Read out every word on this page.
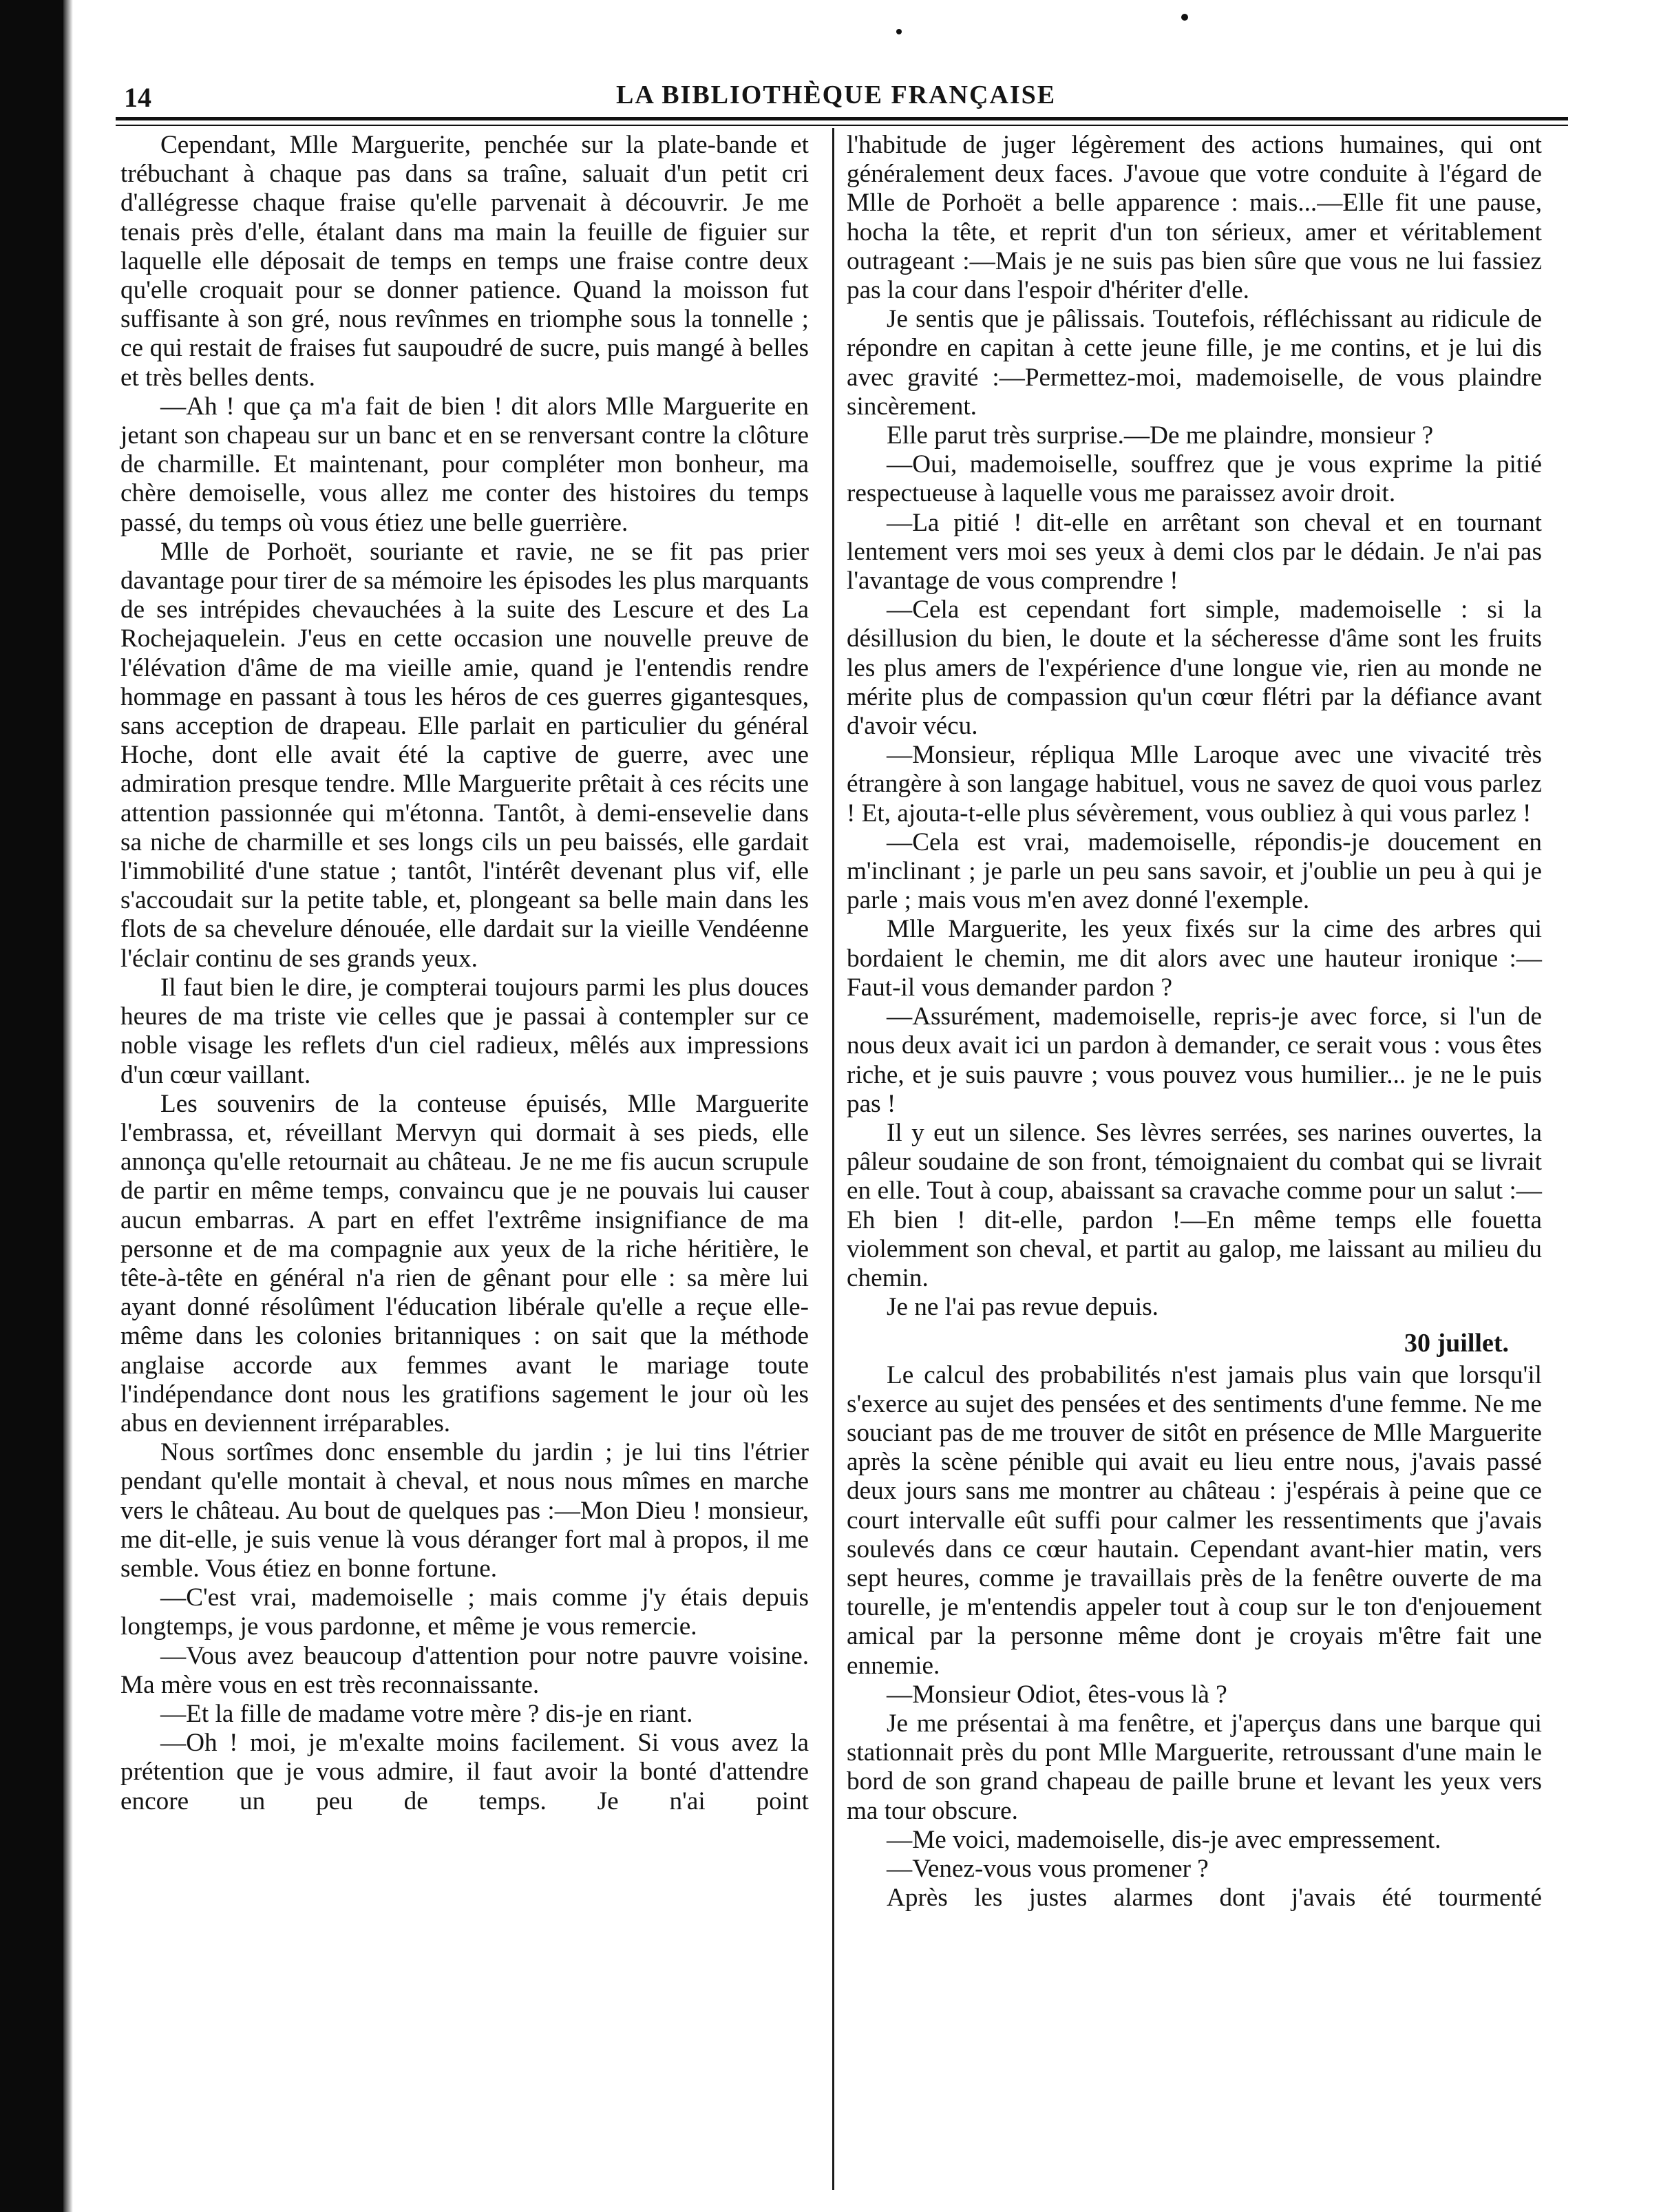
14	LA BIBLIOTHÈQUE FRANÇAISE

Cependant, Mlle Marguerite, penchée sur la plate-bande et trébuchant à chaque pas dans sa traîne, saluait d'un petit cri d'allégresse chaque fraise qu'elle parvenait à découvrir. Je me tenais près d'elle, étalant dans ma main la feuille de figuier sur laquelle elle déposait de temps en temps une fraise contre deux qu'elle croquait pour se donner patience. Quand la moisson fut suffisante à son gré, nous revînmes en triomphe sous la tonnelle ; ce qui restait de fraises fut saupoudré de sucre, puis mangé à belles et très belles dents.

—Ah ! que ça m'a fait de bien ! dit alors Mlle Marguerite en jetant son chapeau sur un banc et en se renversant contre la clôture de charmille. Et maintenant, pour compléter mon bonheur, ma chère demoiselle, vous allez me conter des histoires du temps passé, du temps où vous étiez une belle guerrière.

Mlle de Porhoët, souriante et ravie, ne se fit pas prier davantage pour tirer de sa mémoire les épisodes les plus marquants de ses intrépides chevauchées à la suite des Lescure et des La Rochejaquelein. J'eus en cette occasion une nouvelle preuve de l'élévation d'âme de ma vieille amie, quand je l'entendis rendre hommage en passant à tous les héros de ces guerres gigantesques, sans acception de drapeau. Elle parlait en particulier du général Hoche, dont elle avait été la captive de guerre, avec une admiration presque tendre. Mlle Marguerite prêtait à ces récits une attention passionnée qui m'étonna. Tantôt, à demi-ensevelie dans sa niche de charmille et ses longs cils un peu baissés, elle gardait l'immobilité d'une statue ; tantôt, l'intérêt devenant plus vif, elle s'accoudait sur la petite table, et, plongeant sa belle main dans les flots de sa chevelure dénouée, elle dardait sur la vieille Vendéenne l'éclair continu de ses grands yeux.

Il faut bien le dire, je compterai toujours parmi les plus douces heures de ma triste vie celles que je passai à contempler sur ce noble visage les reflets d'un ciel radieux, mêlés aux impressions d'un cœur vaillant.

Les souvenirs de la conteuse épuisés, Mlle Marguerite l'embrassa, et, réveillant Mervyn qui dormait à ses pieds, elle annonça qu'elle retournait au château. Je ne me fis aucun scrupule de partir en même temps, convaincu que je ne pouvais lui causer aucun embarras. A part en effet l'extrême insignifiance de ma personne et de ma compagnie aux yeux de la riche héritière, le tête-à-tête en général n'a rien de gênant pour elle : sa mère lui ayant donné résolûment l'éducation libérale qu'elle a reçue elle-même dans les colonies britanniques : on sait que la méthode anglaise accorde aux femmes avant le mariage toute l'indépendance dont nous les gratifions sagement le jour où les abus en deviennent irréparables.

Nous sortîmes donc ensemble du jardin ; je lui tins l'étrier pendant qu'elle montait à cheval, et nous nous mîmes en marche vers le château. Au bout de quelques pas :—Mon Dieu ! monsieur, me dit-elle, je suis venue là vous déranger fort mal à propos, il me semble. Vous étiez en bonne fortune.

—C'est vrai, mademoiselle ; mais comme j'y étais depuis longtemps, je vous pardonne, et même je vous remercie.

—Vous avez beaucoup d'attention pour notre pauvre voisine. Ma mère vous en est très reconnaissante.

—Et la fille de madame votre mère ? dis-je en riant.

—Oh ! moi, je m'exalte moins facilement. Si vous avez la prétention que je vous admire, il faut avoir la bonté d'attendre encore un peu de temps. Je n'ai point

l'habitude de juger légèrement des actions humaines, qui ont généralement deux faces. J'avoue que votre conduite à l'égard de Mlle de Porhoët a belle apparence : mais...—Elle fit une pause, hocha la tête, et reprit d'un ton sérieux, amer et véritablement outrageant :—Mais je ne suis pas bien sûre que vous ne lui fassiez pas la cour dans l'espoir d'hériter d'elle.

Je sentis que je pâlissais. Toutefois, réfléchissant au ridicule de répondre en capitan à cette jeune fille, je me contins, et je lui dis avec gravité :—Permettez-moi, mademoiselle, de vous plaindre sincèrement.

Elle parut très surprise.—De me plaindre, monsieur ?

—Oui, mademoiselle, souffrez que je vous exprime la pitié respectueuse à laquelle vous me paraissez avoir droit.

—La pitié ! dit-elle en arrêtant son cheval et en tournant lentement vers moi ses yeux à demi clos par le dédain. Je n'ai pas l'avantage de vous comprendre !

—Cela est cependant fort simple, mademoiselle : si la désillusion du bien, le doute et la sécheresse d'âme sont les fruits les plus amers de l'expérience d'une longue vie, rien au monde ne mérite plus de compassion qu'un cœur flétri par la défiance avant d'avoir vécu.

—Monsieur, répliqua Mlle Laroque avec une vivacité très étrangère à son langage habituel, vous ne savez de quoi vous parlez ! Et, ajouta-t-elle plus sévèrement, vous oubliez à qui vous parlez !

—Cela est vrai, mademoiselle, répondis-je doucement en m'inclinant ; je parle un peu sans savoir, et j'oublie un peu à qui je parle ; mais vous m'en avez donné l'exemple.

Mlle Marguerite, les yeux fixés sur la cime des arbres qui bordaient le chemin, me dit alors avec une hauteur ironique :—Faut-il vous demander pardon ?

—Assurément, mademoiselle, repris-je avec force, si l'un de nous deux avait ici un pardon à demander, ce serait vous : vous êtes riche, et je suis pauvre ; vous pouvez vous humilier... je ne le puis pas !

Il y eut un silence. Ses lèvres serrées, ses narines ouvertes, la pâleur soudaine de son front, témoignaient du combat qui se livrait en elle. Tout à coup, abaissant sa cravache comme pour un salut :—Eh bien ! dit-elle, pardon !—En même temps elle fouetta violemment son cheval, et partit au galop, me laissant au milieu du chemin.

Je ne l'ai pas revue depuis.

30 juillet.

Le calcul des probabilités n'est jamais plus vain que lorsqu'il s'exerce au sujet des pensées et des sentiments d'une femme. Ne me souciant pas de me trouver de sitôt en présence de Mlle Marguerite après la scène pénible qui avait eu lieu entre nous, j'avais passé deux jours sans me montrer au château : j'espérais à peine que ce court intervalle eût suffi pour calmer les ressentiments que j'avais soulevés dans ce cœur hautain. Cependant avant-hier matin, vers sept heures, comme je travaillais près de la fenêtre ouverte de ma tourelle, je m'entendis appeler tout à coup sur le ton d'enjouement amical par la personne même dont je croyais m'être fait une ennemie.

—Monsieur Odiot, êtes-vous là ?

Je me présentai à ma fenêtre, et j'aperçus dans une barque qui stationnait près du pont Mlle Marguerite, retroussant d'une main le bord de son grand chapeau de paille brune et levant les yeux vers ma tour obscure.

—Me voici, mademoiselle, dis-je avec empressement.

—Venez-vous vous promener ?

Après les justes alarmes dont j'avais été tourmenté
